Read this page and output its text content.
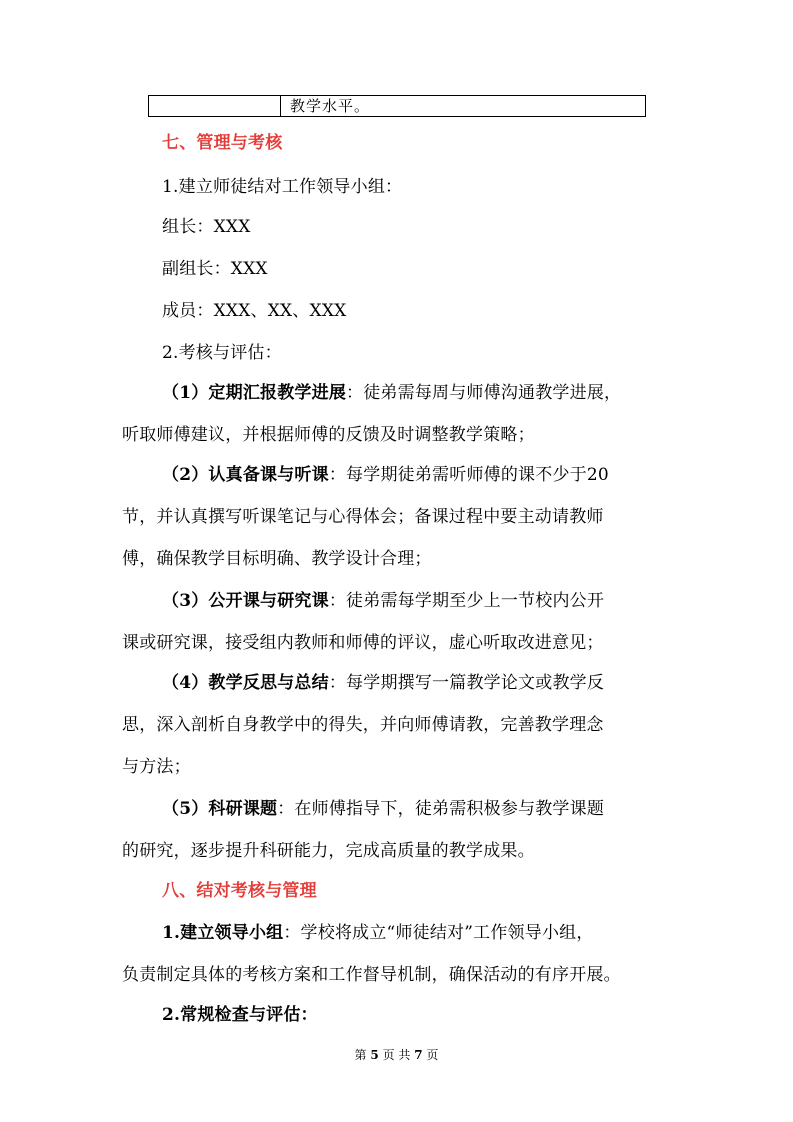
教学水平。
七、管理与考核
1.建立师徒结对工作领导小组：
组长：XXX
副组长：XXX
成员：XXX、XX、XXX
2.考核与评估：
（1）定期汇报教学进展：徒弟需每周与师傅沟通教学进展，
听取师傅建议，并根据师傅的反馈及时调整教学策略；
（2）认真备课与听课：每学期徒弟需听师傅的课不少于20
节，并认真撰写听课笔记与心得体会；备课过程中要主动请教师
傅，确保教学目标明确、教学设计合理；
（3）公开课与研究课：徒弟需每学期至少上一节校内公开
课或研究课，接受组内教师和师傅的评议，虚心听取改进意见；
（4）教学反思与总结：每学期撰写一篇教学论文或教学反
思，深入剖析自身教学中的得失，并向师傅请教，完善教学理念
与方法；
（5）科研课题：在师傅指导下，徒弟需积极参与教学课题
的研究，逐步提升科研能力，完成高质量的教学成果。
八、结对考核与管理
1.建立领导小组：学校将成立“师徒结对”工作领导小组，
负责制定具体的考核方案和工作督导机制，确保活动的有序开展。
2.常规检查与评估：
第 5 页 共 7 页
